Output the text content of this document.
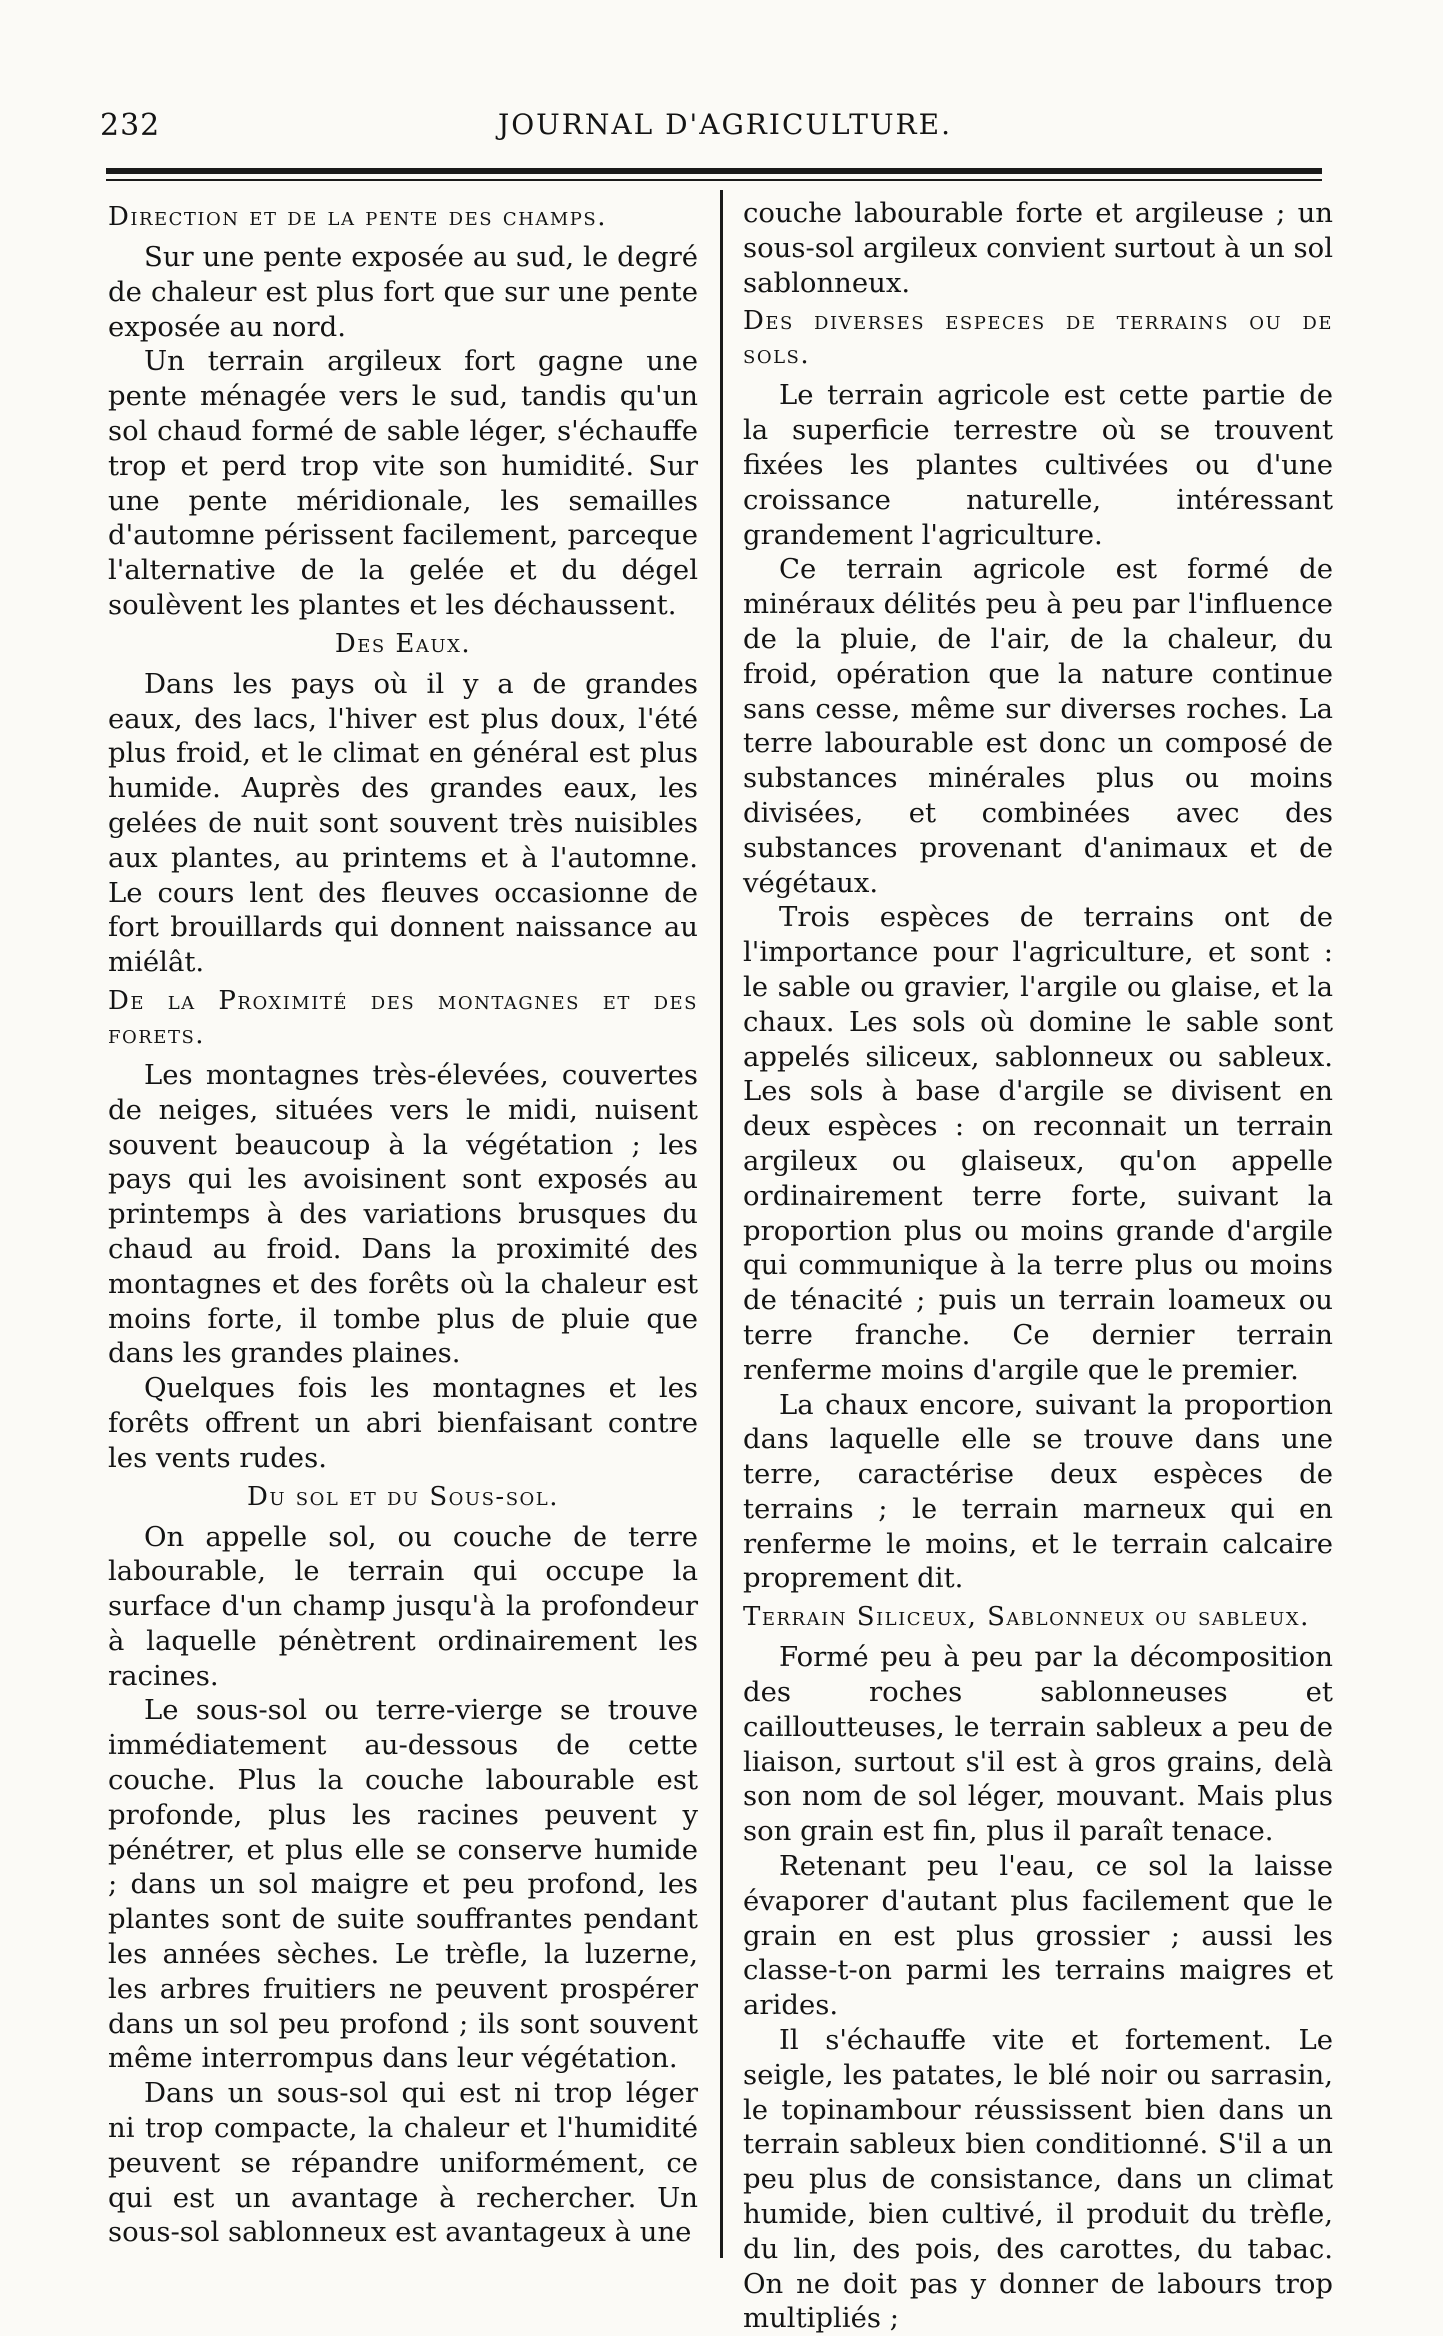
232	JOURNAL D'AGRICULTURE.
Direction et de la pente des champs.

Sur une pente exposée au sud, le degré de chaleur est plus fort que sur une pente exposée au nord.

Un terrain argileux fort gagne une pente ménagée vers le sud, tandis qu'un sol chaud formé de sable léger, s'échauffe trop et perd trop vite son humidité. Sur une pente méridionale, les semailles d'automne périssent facilement, parceque l'alternative de la gelée et du dégel soulèvent les plantes et les déchaussent.

Des Eaux.

Dans les pays où il y a de grandes eaux, des lacs, l'hiver est plus doux, l'été plus froid, et le climat en général est plus humide. Auprès des grandes eaux, les gelées de nuit sont souvent très nuisibles aux plantes, au printems et à l'automne. Le cours lent des fleuves occasionne de fort brouillards qui donnent naissance au miélât.

De la Proximité des montagnes et des forets.

Les montagnes très-élevées, couvertes de neiges, situées vers le midi, nuisent souvent beaucoup à la végétation ; les pays qui les avoisinent sont exposés au printemps à des variations brusques du chaud au froid. Dans la proximité des montagnes et des forêts où la chaleur est moins forte, il tombe plus de pluie que dans les grandes plaines.

Quelques fois les montagnes et les forêts offrent un abri bienfaisant contre les vents rudes.

Du sol et du Sous-sol.

On appelle sol, ou couche de terre labourable, le terrain qui occupe la surface d'un champ jusqu'à la profondeur à laquelle pénètrent ordinairement les racines.

Le sous-sol ou terre-vierge se trouve immédiatement au-dessous de cette couche. Plus la couche labourable est profonde, plus les racines peuvent y pénétrer, et plus elle se conserve humide ; dans un sol maigre et peu profond, les plantes sont de suite souffrantes pendant les années sèches. Le trèfle, la luzerne, les arbres fruitiers ne peuvent prospérer dans un sol peu profond ; ils sont souvent même interrompus dans leur végétation.

Dans un sous-sol qui est ni trop léger ni trop compacte, la chaleur et l'humidité peuvent se répandre uniformément, ce qui est un avantage à rechercher. Un sous-sol sablonneux est avantageux à une

couche labourable forte et argileuse ; un sous-sol argileux convient surtout à un sol sablonneux.

Des diverses especes de terrains ou de sols.

Le terrain agricole est cette partie de la superficie terrestre où se trouvent fixées les plantes cultivées ou d'une croissance naturelle, intéressant grandement l'agriculture.

Ce terrain agricole est formé de minéraux délités peu à peu par l'influence de la pluie, de l'air, de la chaleur, du froid, opération que la nature continue sans cesse, même sur diverses roches. La terre labourable est donc un composé de substances minérales plus ou moins divisées, et combinées avec des substances provenant d'animaux et de végétaux.

Trois espèces de terrains ont de l'importance pour l'agriculture, et sont : le sable ou gravier, l'argile ou glaise, et la chaux. Les sols où domine le sable sont appelés siliceux, sablonneux ou sableux. Les sols à base d'argile se divisent en deux espèces : on reconnait un terrain argileux ou glaiseux, qu'on appelle ordinairement terre forte, suivant la proportion plus ou moins grande d'argile qui communique à la terre plus ou moins de ténacité ; puis un terrain loameux ou terre franche. Ce dernier terrain renferme moins d'argile que le premier.

La chaux encore, suivant la proportion dans laquelle elle se trouve dans une terre, caractérise deux espèces de terrains ; le terrain marneux qui en renferme le moins, et le terrain calcaire proprement dit.

Terrain Siliceux, Sablonneux ou sableux.

Formé peu à peu par la décomposition des roches sablonneuses et cailloutteuses, le terrain sableux a peu de liaison, surtout s'il est à gros grains, delà son nom de sol léger, mouvant. Mais plus son grain est fin, plus il paraît tenace.

Retenant peu l'eau, ce sol la laisse évaporer d'autant plus facilement que le grain en est plus grossier ; aussi les classe-t-on parmi les terrains maigres et arides.

Il s'échauffe vite et fortement. Le seigle, les patates, le blé noir ou sarrasin, le topinambour réussissent bien dans un terrain sableux bien conditionné. S'il a un peu plus de consistance, dans un climat humide, bien cultivé, il produit du trèfle, du lin, des pois, des carottes, du tabac. On ne doit pas y donner de labours trop multipliés ;
